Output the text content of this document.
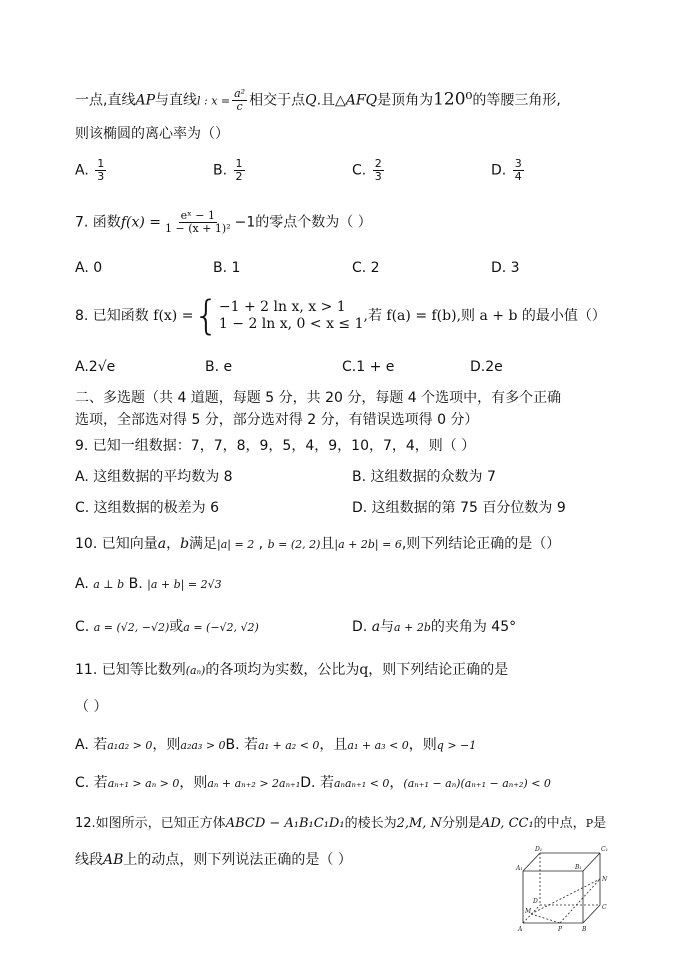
一点,直线AP与直线l : $x = \frac{\text{a²}}{c}$ 相交于点Q.且△AFQ是顶角为120⁰的等腰三角形,
则该椭圆的离心率为（）
A. $\frac{1}{3}$	B. $\frac{1}{2}$	C. $\frac{2}{3}$	D. $\frac{3}{4}$
7. 函数$f(x) = \frac{\text{eˣ − 1}}{\text{1 − (x + 1)²}} -1$的零点个数为（ ）
A. 0	B. 1	C. 2	D. 3
8. 已知函数 f(x) ={ −1 + 2 ln x, x > 1
1 − 2 ln x, 0 < x ≤ 1 ,若 f(a) = f(b),则 a + b 的最小值（）
A.2√e	B. e	C.1 + e	D.2e
二、多选题（共 4 道题，每题 5 分，共 20 分，每题 4 个选项中，有多个正确
选项，全部选对得 5 分，部分选对得 2 分，有错误选项得 0 分）
9. 已知一组数据：7，7，8，9，5，4，9，10，7，4，则（ ）
A. 这组数据的平均数为 8	B. 这组数据的众数为 7
C. 这组数据的极差为 6	D. 这组数据的第 75 百分位数为 9
10. 已知向量a，b满足|a| = 2 , b = (2, 2)且|a + 2b| = 6,则下列结论正确的是（）
A. a ⊥ b B. |a + b| = 2√3
C. a = (√2, −√2)或a = (−√2, √2)	D. a与a + 2b的夹角为 45°
11. 已知等比数列(aₙ)的各项均为实数，公比为q，则下列结论正确的是
（ ）
A. 若a₁a₂ > 0，则a₂a₃ > 0B. 若a₁ + a₂ < 0，且a₁ + a₃ < 0，则q > −1
C. 若aₙ₊₁ > aₙ > 0，则aₙ + aₙ₊₂ > 2aₙ₊₁D. 若aₙaₙ₊₁ < 0，(aₙ₊₁ − aₙ)(aₙ₊₁ − aₙ₊₂) < 0
12.如图所示，已知正方体ABCD − A₁B₁C₁D₁的棱长为2,M, N分别是AD, CC₁的中点，P是
线段AB上的动点，则下列说法正确的是（ ）
D₁	C₁
A₁	B₁
D
C
N
M
A	P	B
